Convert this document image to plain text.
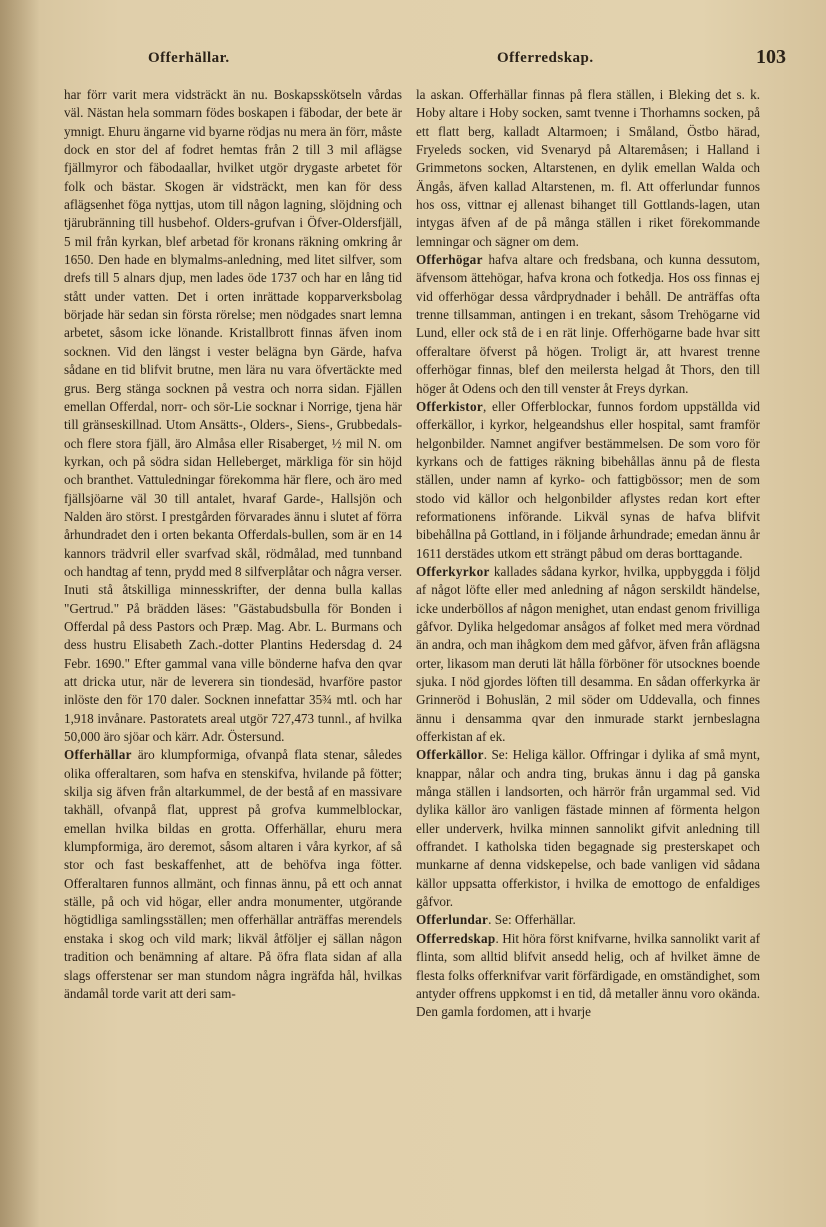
Offerhällar.	Offerredskap.	103

har förr varit mera vidsträckt än nu. Boskapsskötseln vårdas väl. Nästan hela sommarn födes boskapen i fäbodar, der bete är ymnigt. Ehuru ängarne vid byarne rödjas nu mera än förr, måste dock en stor del af fodret hemtas från 2 till 3 mil aflägse fjällmyror och fäbodaallar, hvilket utgör drygaste arbetet för folk och bästar. Skogen är vidsträckt, men kan för dess aflägsenhet föga nyttjas, utom till någon lagning, slöjdning och tjärubränning till husbehof. Olders-grufvan i Öfver-Oldersfjäll, 5 mil från kyrkan, blef arbetad för kronans räkning omkring år 1650. Den hade en blymalms-anledning, med litet silfver, som drefs till 5 alnars djup, men lades öde 1737 och har en lång tid stått under vatten. Det i orten inrättade kopparverksbolag började här sedan sin första rörelse; men nödgades snart lemna arbetet, såsom icke lönande. Kristallbrott finnas äfven inom socknen. Vid den längst i vester belägna byn Gärde, hafva sådane en tid blifvit brutne, men lära nu vara öfvertäckte med grus. Berg stänga socknen på vestra och norra sidan. Fjällen emellan Offerdal, norr- och sör-Lie socknar i Norrige, tjena här till gränseskillnad. Utom Ansätts-, Olders-, Siens-, Grubbedals- och flere stora fjäll, äro Almåsa eller Risaberget, ½ mil N. om kyrkan, och på södra sidan Helleberget, märkliga för sin höjd och branthet. Vattuledningar förekomma här flere, och äro med fjällsjöarne väl 30 till antalet, hvaraf Garde-, Hallsjön och Nalden äro störst. I prestgården förvarades ännu i slutet af förra århundradet den i orten bekanta Offerdals-bullen, som är en 14 kannors trädvril eller svarfvad skål, rödmålad, med tunnband och handtag af tenn, prydd med 8 silfverplåtar och några verser. Inuti stå åtskilliga minnesskrifter, der denna bulla kallas "Gertrud." På brädden läses: "Gästabudsbulla för Bonden i Offerdal på dess Pastors och Præp. Mag. Abr. L. Burmans och dess hustru Elisabeth Zach.-dotter Plantins Hedersdag d. 24 Febr. 1690." Efter gammal vana ville bönderne hafva den qvar att dricka utur, när de leverera sin tiondesäd, hvarföre pastor inlöste den för 170 daler. Socknen innefattar 35¾ mtl. och har 1,918 invånare. Pastoratets areal utgör 727,473 tunnl., af hvilka 50,000 äro sjöar och kärr. Adr. Östersund.

Offerhällar äro klumpformiga, ofvanpå flata stenar, således olika offeraltaren, som hafva en stenskifva, hvilande på fötter; skilja sig äfven från altarkummel, de der bestå af en massivare takhäll, ofvanpå flat, upprest på grofva kummelblockar, emellan hvilka bildas en grotta. Offerhällar, ehuru mera klumpformiga, äro deremot, såsom altaren i våra kyrkor, af så stor och fast beskaffenhet, att de behöfva inga fötter. Offeraltaren funnos allmänt, och finnas ännu, på ett och annat ställe, på och vid högar, eller andra monumenter, utgörande högtidliga samlingsställen; men offerhällar anträffas merendels enstaka i skog och vild mark; likväl åtföljer ej sällan någon tradition och benämning af altare. På öfra flata sidan af alla slags offerstenar ser man stundom några ingräfda hål, hvilkas ändamål torde varit att deri sam-

la askan. Offerhällar finnas på flera ställen, i Bleking det s. k. Hoby altare i Hoby socken, samt tvenne i Thorhamns socken, på ett flatt berg, kalladt Altarmoen; i Småland, Östbo härad, Fryeleds socken, vid Svenaryd på Altaremåsen; i Halland i Grimmetons socken, Altarstenen, en dylik emellan Walda och Ängås, äfven kallad Altarstenen, m. fl. Att offerlundar funnos hos oss, vittnar ej allenast bihanget till Gottlands-lagen, utan intygas äfven af de på många ställen i riket förekommande lemningar och sägner om dem.

Offerhögar hafva altare och fredsbana, och kunna dessutom, äfvensom ättehögar, hafva krona och fotkedja. Hos oss finnas ej vid offerhögar dessa vårdprydnader i behåll. De anträffas ofta trenne tillsamman, antingen i en trekant, såsom Trehögarne vid Lund, eller ock stå de i en rät linje. Offerhögarne bade hvar sitt offeraltare öfverst på högen. Troligt är, att hvarest trenne offerhögar finnas, blef den meilersta helgad åt Thors, den till höger åt Odens och den till venster åt Freys dyrkan.

Offerkistor, eller Offerblockar, funnos fordom uppställda vid offerkällor, i kyrkor, helgeandshus eller hospital, samt framför helgonbilder. Namnet angifver bestämmelsen. De som voro för kyrkans och de fattiges räkning bibehållas ännu på de flesta ställen, under namn af kyrko- och fattigbössor; men de som stodo vid källor och helgonbilder aflystes redan kort efter reformationens införande. Likväl synas de hafva blifvit bibehållna på Gottland, in i följande århundrade; emedan ännu år 1611 derstädes utkom ett strängt påbud om deras borttagande.

Offerkyrkor kallades sådana kyrkor, hvilka, uppbyggda i följd af något löfte eller med anledning af någon serskildt händelse, icke underböllos af någon menighet, utan endast genom frivilliga gåfvor. Dylika helgedomar ansågos af folket med mera vördnad än andra, och man ihågkom dem med gåfvor, äfven från aflägsna orter, likasom man deruti lät hålla förböner för utsocknes boende sjuka. I nöd gjordes löften till desamma. En sådan offerkyrka är Grinneröd i Bohuslän, 2 mil söder om Uddevalla, och finnes ännu i densamma qvar den inmurade starkt jernbeslagna offerkistan af ek.

Offerkällor. Se: Heliga källor. Offringar i dylika af små mynt, knappar, nålar och andra ting, brukas ännu i dag på ganska många ställen i landsorten, och härrör från urgammal sed. Vid dylika källor äro vanligen fästade minnen af förmenta helgon eller underverk, hvilka minnen sannolikt gifvit anledning till offrandet. I katholska tiden begagnade sig presterskapet och munkarne af denna vidskepelse, och bade vanligen vid sådana källor uppsatta offerkistor, i hvilka de emottogo de enfaldiges gåfvor.

Offerlundar. Se: Offerhällar.

Offerredskap. Hit höra först knifvarne, hvilka sannolikt varit af flinta, som alltid blifvit ansedd helig, och af hvilket ämne de flesta folks offerknifvar varit förfärdigade, en omständighet, som antyder offrens uppkomst i en tid, då metaller ännu voro okända. Den gamla fordomen, att i hvarje
